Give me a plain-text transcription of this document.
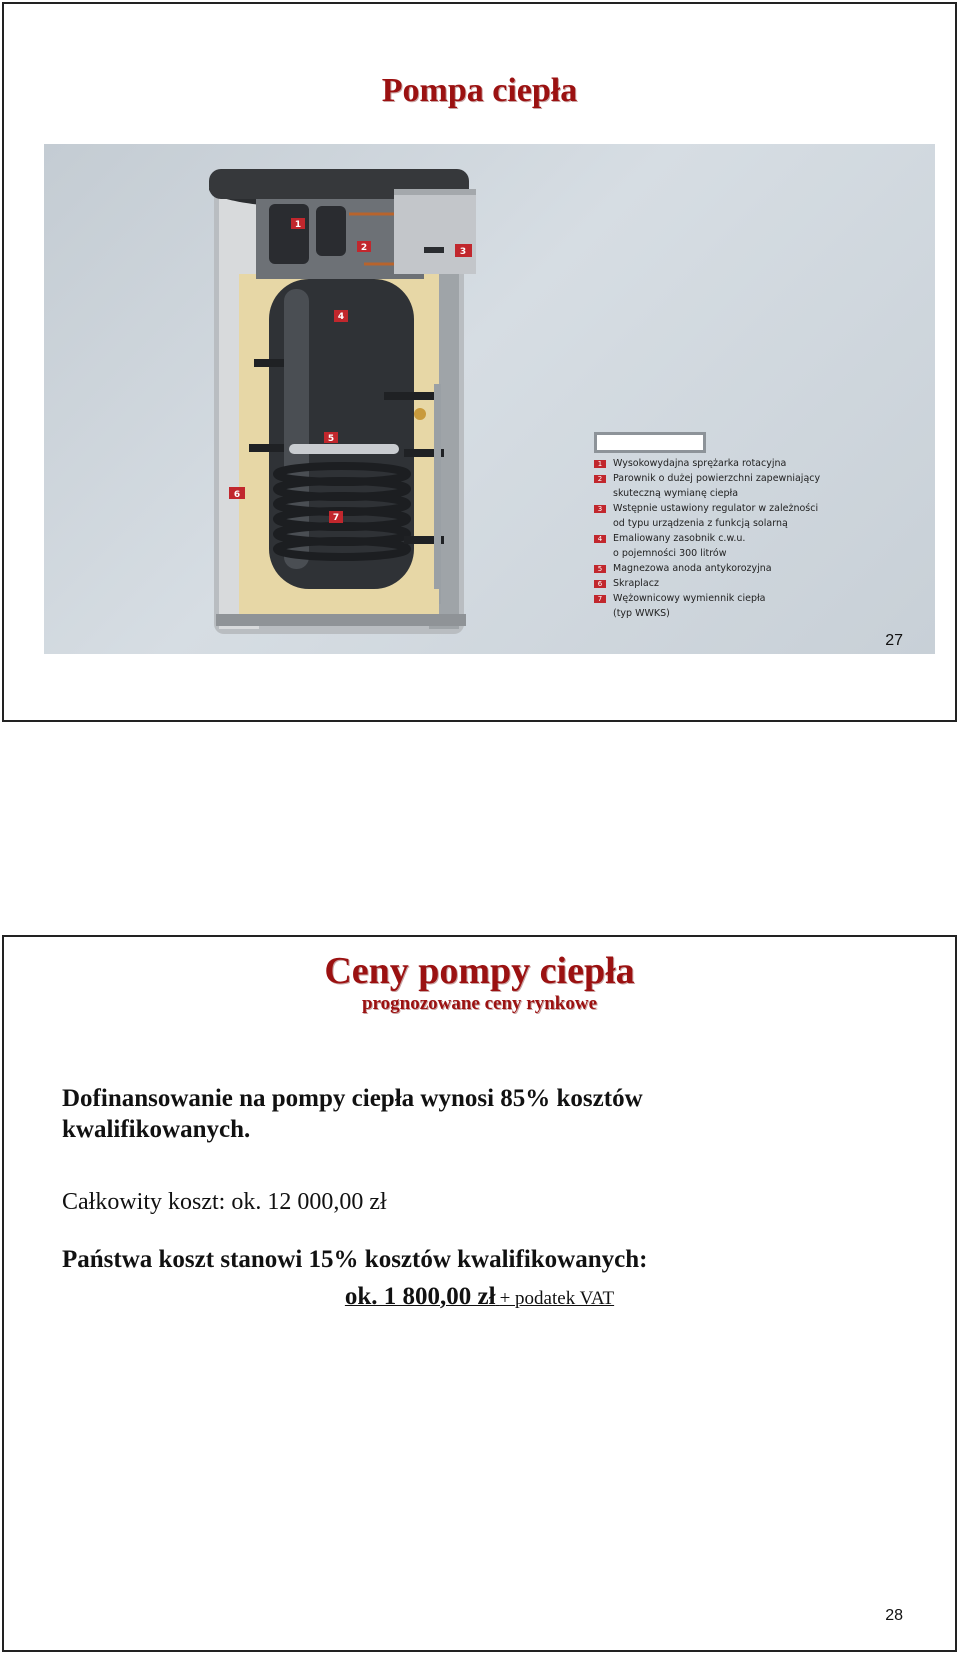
Pompa ciepła
1
2	3
4
5
6
7
1	Wysokowydajna sprężarka rotacyjna
2	Parownik o dużej powierzchni zapewniający
skuteczną wymianę ciepła
3	Wstępnie ustawiony regulator w zależności
od typu urządzenia z funkcją solarną
4	Emaliowany zasobnik c.w.u.
o pojemności 300 litrów
5	Magnezowa anoda antykorozyjna
6	Skraplacz
7	Wężownicowy wymiennik ciepła
(typ WWKS)
27
Ceny pompy ciepła
prognozowane ceny rynkowe
Dofinansowanie na pompy ciepła wynosi 85% kosztów kwalifikowanych.
Całkowity koszt: ok. 12 000,00 zł
Państwa koszt stanowi 15% kosztów kwalifikowanych:
ok. 1 800,00 zł + podatek VAT
28
